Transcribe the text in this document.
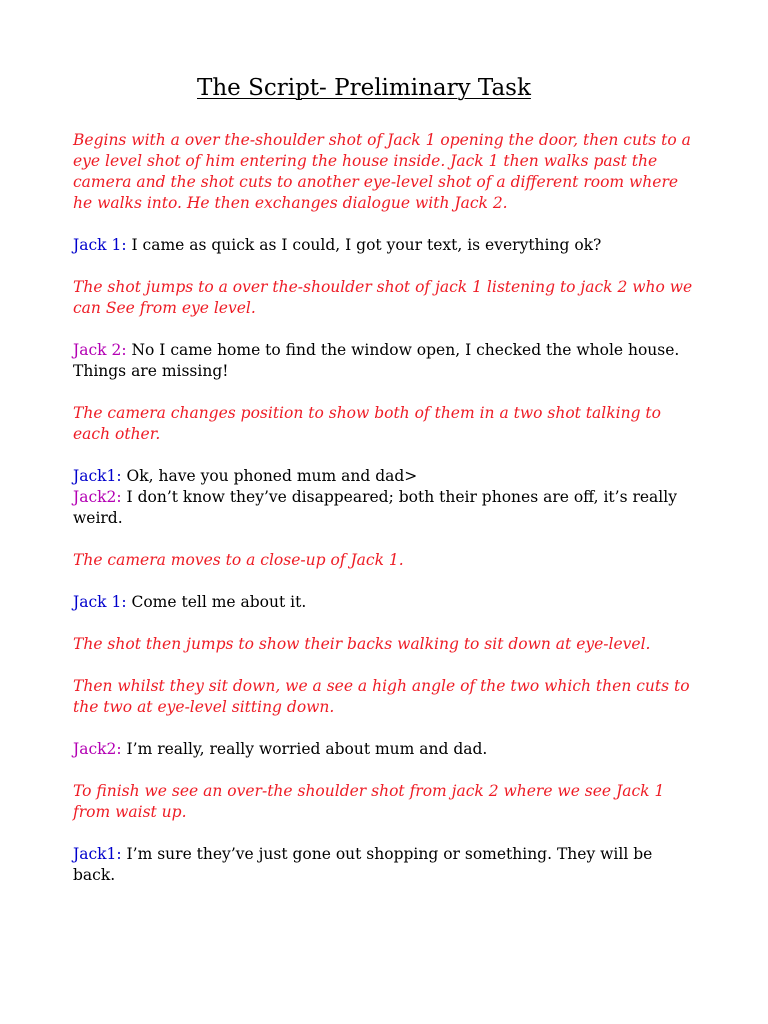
The Script- Preliminary Task

Begins with a over the-shoulder shot of Jack 1 opening the door, then cuts to a eye level shot of him entering the house inside. Jack 1 then walks past the camera and the shot cuts to another eye-level shot of a different room where he walks into. He then exchanges dialogue with Jack 2.

Jack 1: I came as quick as I could, I got your text, is everything ok?

The shot jumps to a over the-shoulder shot of jack 1 listening to jack 2 who we can See from eye level.

Jack 2: No I came home to find the window open, I checked the whole house. Things are missing!

The camera changes position to show both of them in a two shot talking to each other.

Jack1: Ok, have you phoned mum and dad>

Jack2: I don’t know they’ve disappeared; both their phones are off, it’s really weird.

The camera moves to a close-up of Jack 1.

Jack 1: Come tell me about it.

The shot then jumps to show their backs walking to sit down at eye-level.

Then whilst they sit down, we a see a high angle of the two which then cuts to the two at eye-level sitting down.

Jack2: I’m really, really worried about mum and dad.

To finish we see an over-the shoulder shot from jack 2 where we see Jack 1 from waist up.

Jack1: I’m sure they’ve just gone out shopping or something. They will be back.
